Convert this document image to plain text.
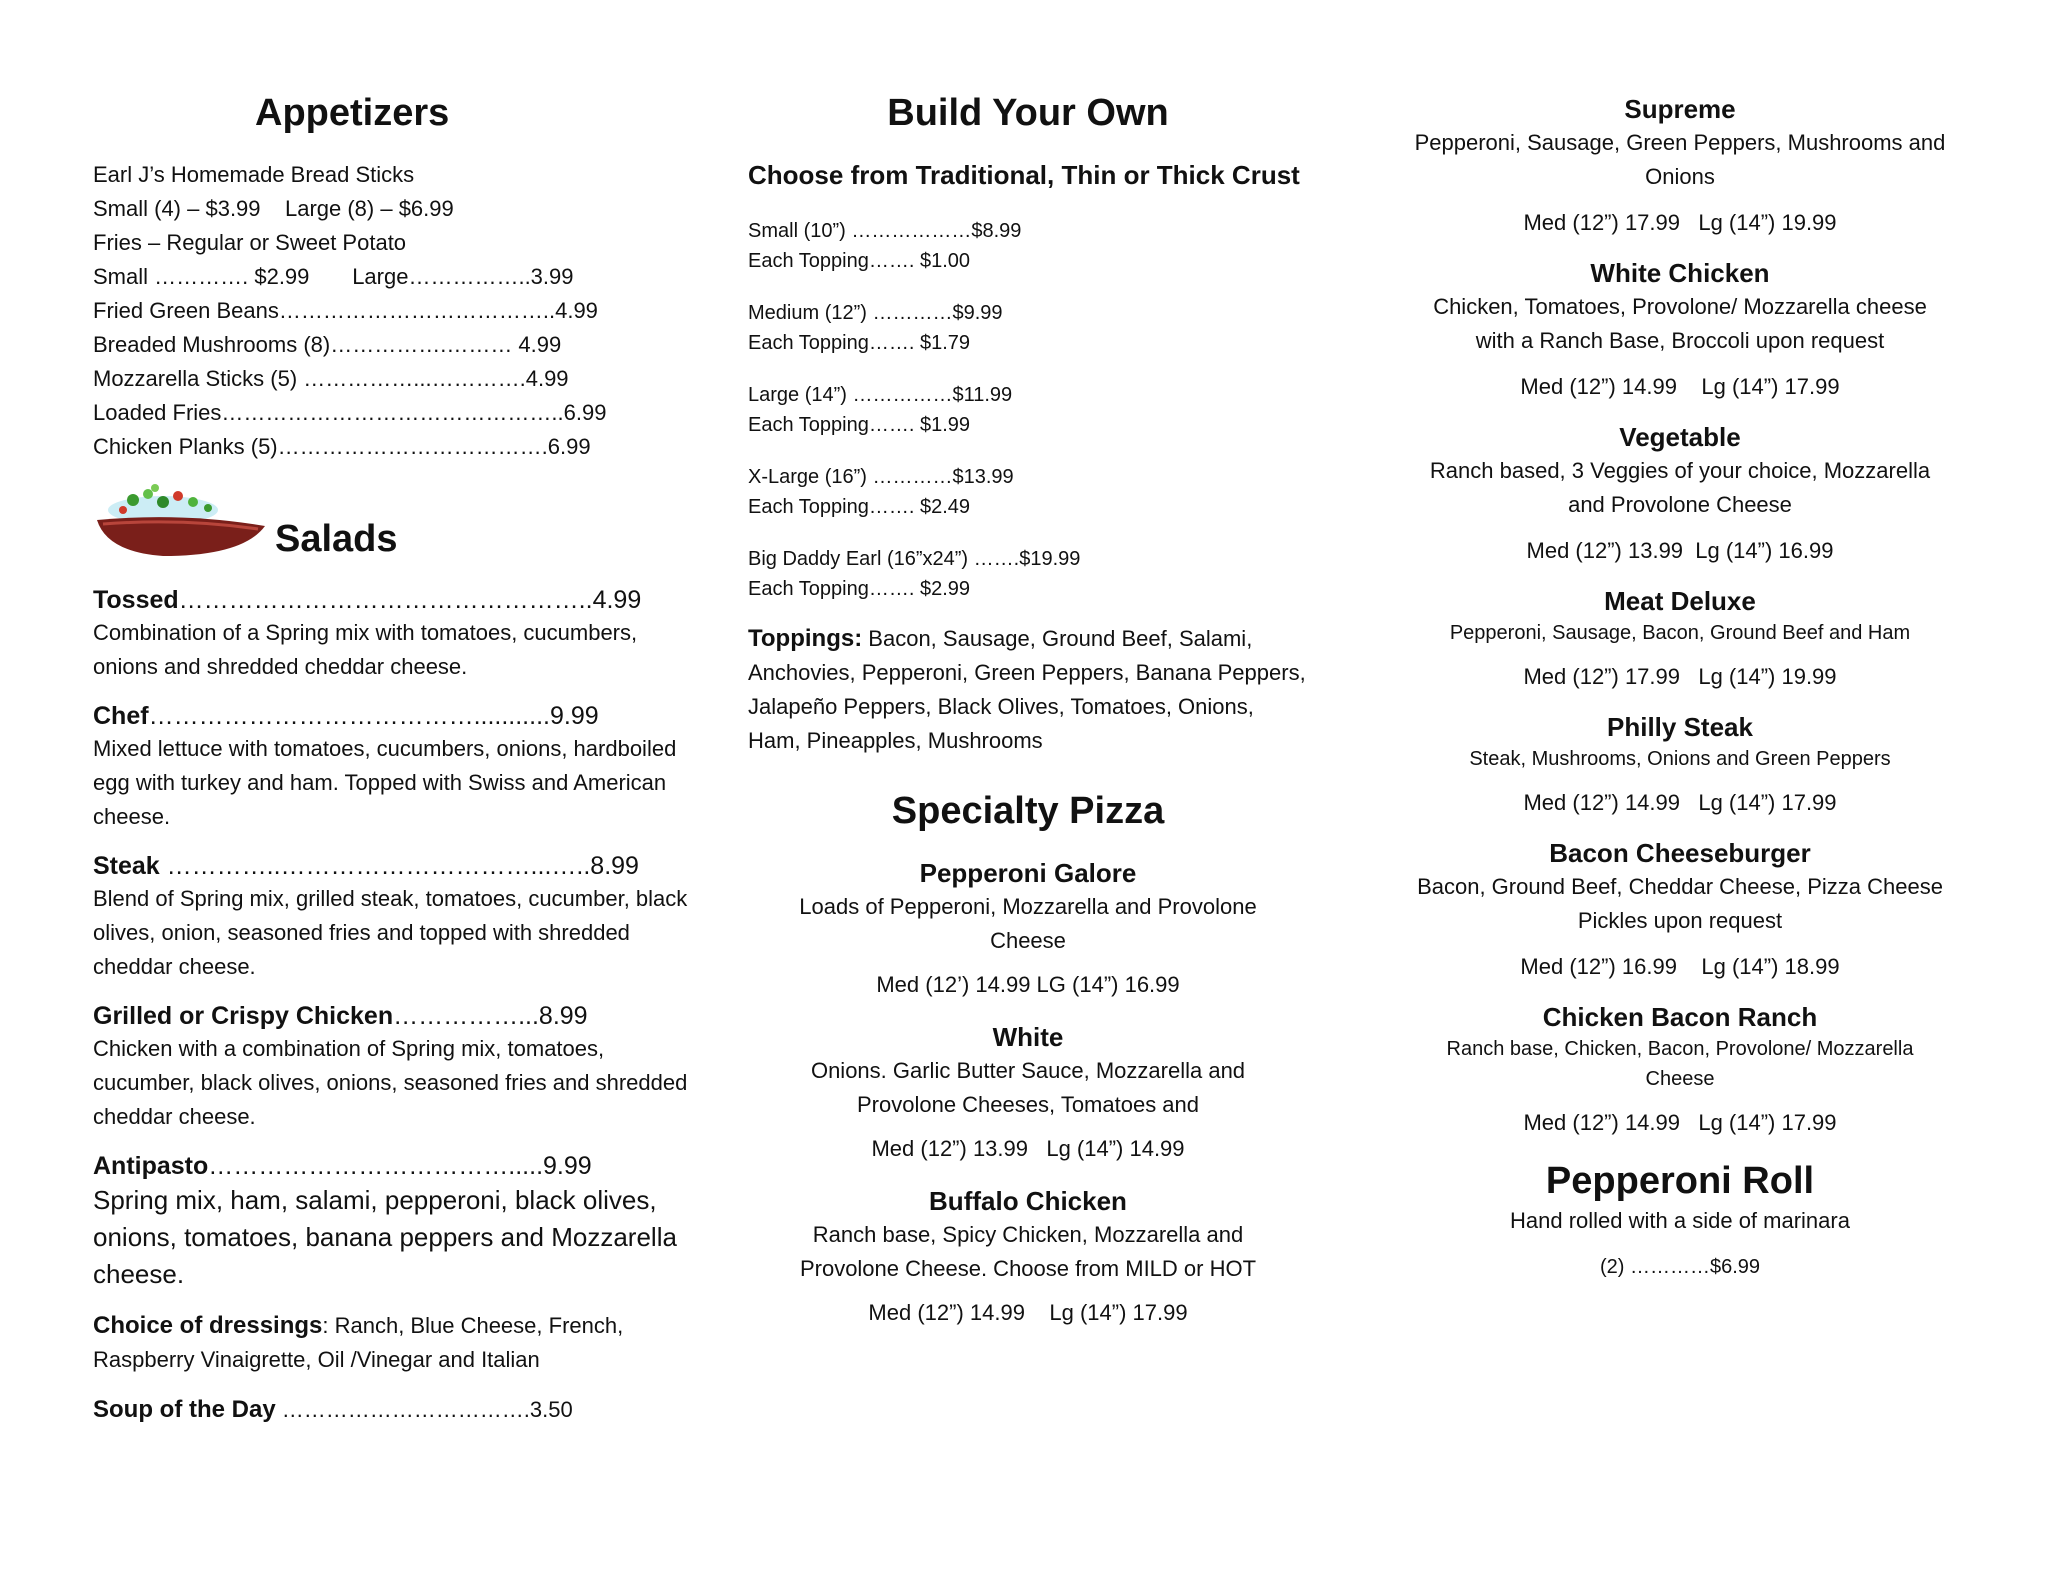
Appetizers
Earl J’s Homemade Bread Sticks
Small (4) – $3.99    Large (8) – $6.99
Fries – Regular or Sweet Potato
Small …………. $2.99       Large……………..3.99
Fried Green Beans………………………………..4.99
Breaded Mushrooms (8)…………….……… 4.99
Mozzarella Sticks (5) ……………...………….4.99
Loaded Fries………………………………………..6.99
Chicken Planks (5)……………………………….6.99
Salads
Tossed…………………………………………..4.99
Combination of a Spring mix with tomatoes, cucumbers, onions and shredded cheddar cheese.
Chef…………………………………...........9.99
Mixed lettuce with tomatoes, cucumbers, onions, hardboiled egg with turkey and ham. Topped with Swiss and American cheese.
Steak …………..…………………………...…..8.99
Blend of Spring mix, grilled steak, tomatoes, cucumber, black olives, onion, seasoned fries and topped with shredded cheddar cheese.
Grilled or Crispy Chicken……………...8.99
Chicken with a combination of Spring mix, tomatoes, cucumber, black olives, onions, seasoned fries and shredded cheddar cheese.
Antipasto……………………………….....9.99
Spring mix, ham, salami, pepperoni, black olives, onions, tomatoes, banana peppers and Mozzarella cheese.
Choice of dressings: Ranch, Blue Cheese, French, Raspberry Vinaigrette, Oil /Vinegar and Italian
Soup of the Day …………………………….3.50
Build Your Own
Choose from Traditional, Thin or Thick Crust
Small (10”) ………………$8.99
Each Topping……. $1.00
Medium (12”) …………$9.99
Each Topping……. $1.79
Large (14”) ……………$11.99
Each Topping……. $1.99
X-Large (16”) …………$13.99
Each Topping……. $2.49
Big Daddy Earl (16”x24”) …….$19.99
Each Topping……. $2.99
Toppings: Bacon, Sausage, Ground Beef, Salami, Anchovies, Pepperoni, Green Peppers, Banana Peppers, Jalapeño Peppers, Black Olives, Tomatoes, Onions, Ham, Pineapples, Mushrooms
Specialty Pizza
Pepperoni Galore
Loads of Pepperoni, Mozzarella and Provolone Cheese
Med (12’) 14.99 LG (14”) 16.99
White
Onions. Garlic Butter Sauce, Mozzarella and Provolone Cheeses, Tomatoes and
Med (12”) 13.99   Lg (14”) 14.99
Buffalo Chicken
Ranch base, Spicy Chicken, Mozzarella and Provolone Cheese. Choose from MILD or HOT
Med (12”) 14.99    Lg (14”) 17.99
Supreme
Pepperoni, Sausage, Green Peppers, Mushrooms and Onions
Med (12”) 17.99   Lg (14”) 19.99
White Chicken
Chicken, Tomatoes, Provolone/ Mozzarella cheese with a Ranch Base, Broccoli upon request
Med (12”) 14.99    Lg (14”) 17.99
Vegetable
Ranch based, 3 Veggies of your choice, Mozzarella and Provolone Cheese
Med (12”) 13.99  Lg (14”) 16.99
Meat Deluxe
Pepperoni, Sausage, Bacon, Ground Beef and Ham
Med (12”) 17.99   Lg (14”) 19.99
Philly Steak
Steak, Mushrooms, Onions and Green Peppers
Med (12”) 14.99   Lg (14”) 17.99
Bacon Cheeseburger
Bacon, Ground Beef, Cheddar Cheese, Pizza Cheese Pickles upon request
Med (12”) 16.99    Lg (14”) 18.99
Chicken Bacon Ranch
Ranch base, Chicken, Bacon, Provolone/ Mozzarella Cheese
Med (12”) 14.99   Lg (14”) 17.99
Pepperoni Roll
Hand rolled with a side of marinara
(2) …………$6.99
